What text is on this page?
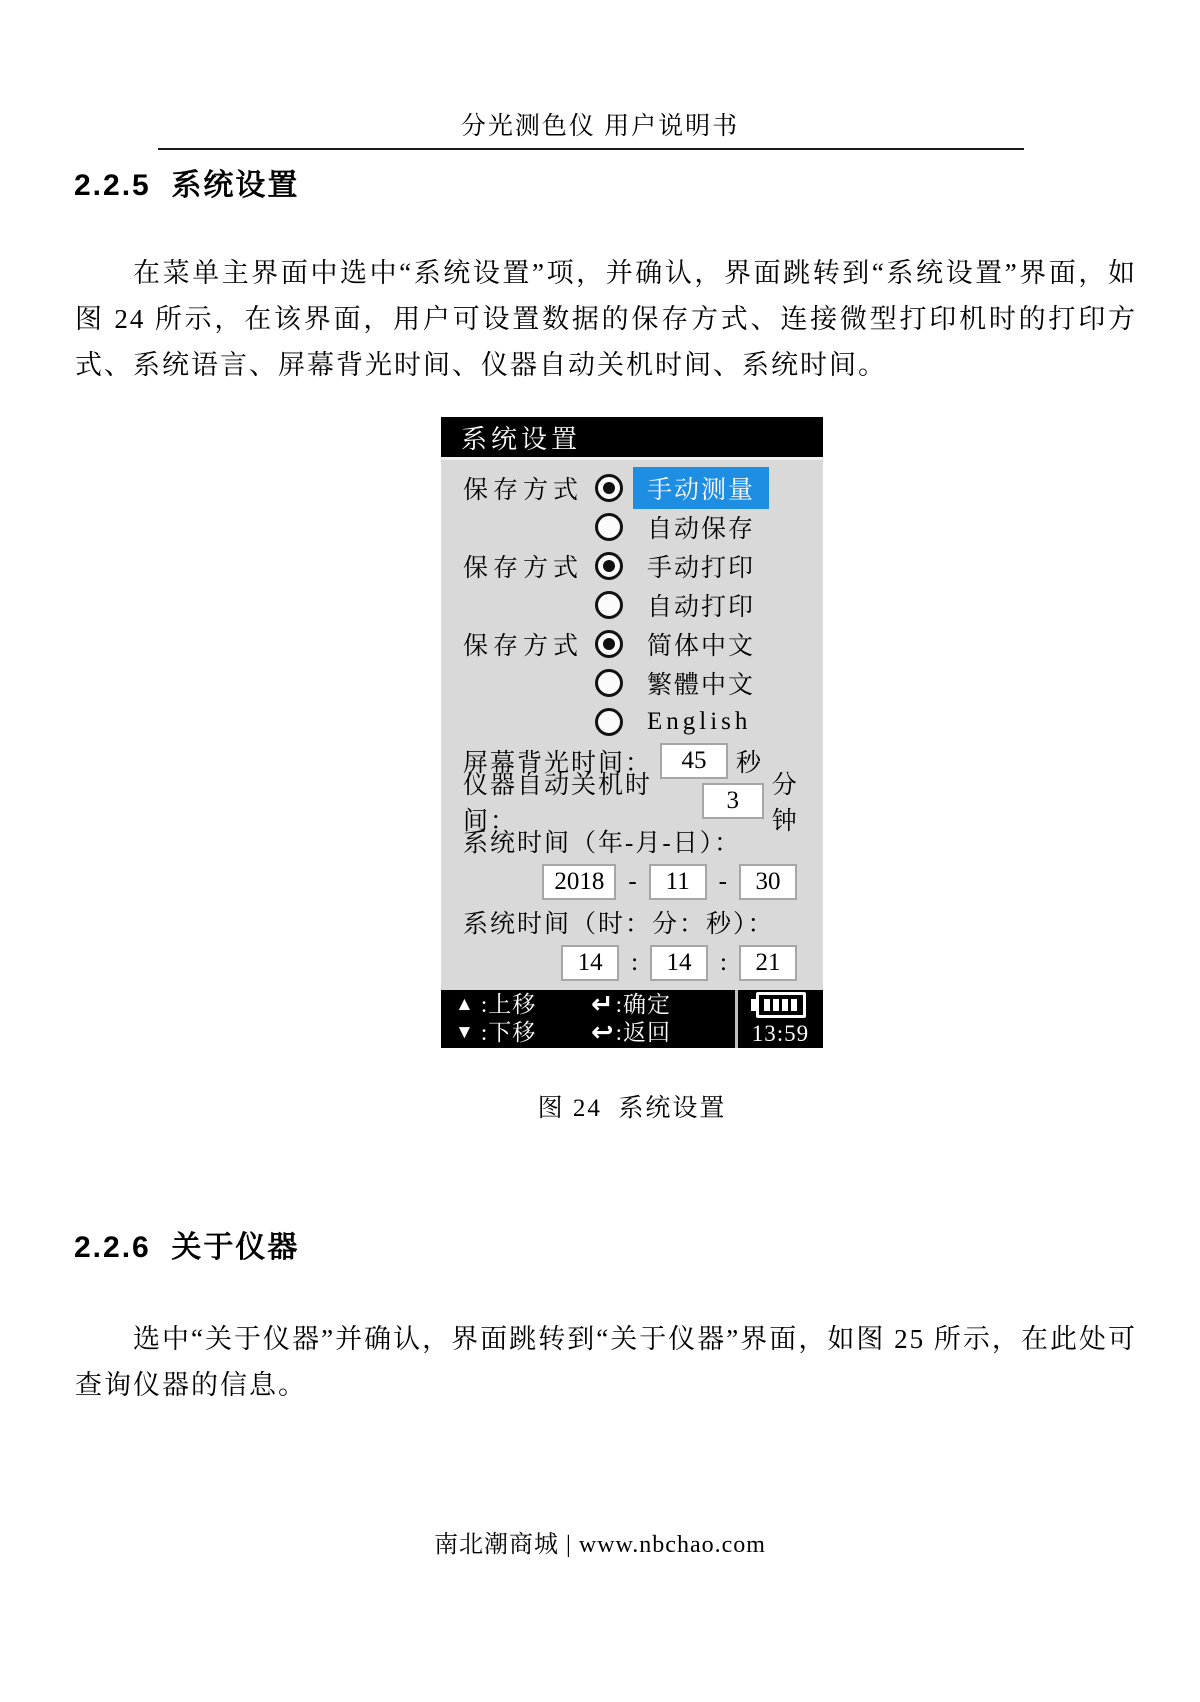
分光测色仪 用户说明书
2.2.5  系统设置
在菜单主界面中选中“系统设置”项，并确认，界面跳转到“系统设置”界面，如图 24 所示，在该界面，用户可设置数据的保存方式、连接微型打印机时的打印方式、系统语言、屏幕背光时间、仪器自动关机时间、系统时间。
系统设置
保存方式	手动测量
自动保存
保存方式	手动打印
自动打印
保存方式	简体中文
繁體中文
English
屏幕背光时间：	45	秒
仪器自动关机时间：
3
分钟
系统时间（年-月-日）：
2018 -	11	-	30
系统时间（时：分：秒）：
14	:	14	:	21
▲ :上移 ↵ :确定
▼ :下移 ↩ :返回	13:59
图 24  系统设置
2.2.6  关于仪器
选中“关于仪器”并确认，界面跳转到“关于仪器”界面，如图 25 所示，在此处可查询仪器的信息。
南北潮商城 | www.nbchao.com
